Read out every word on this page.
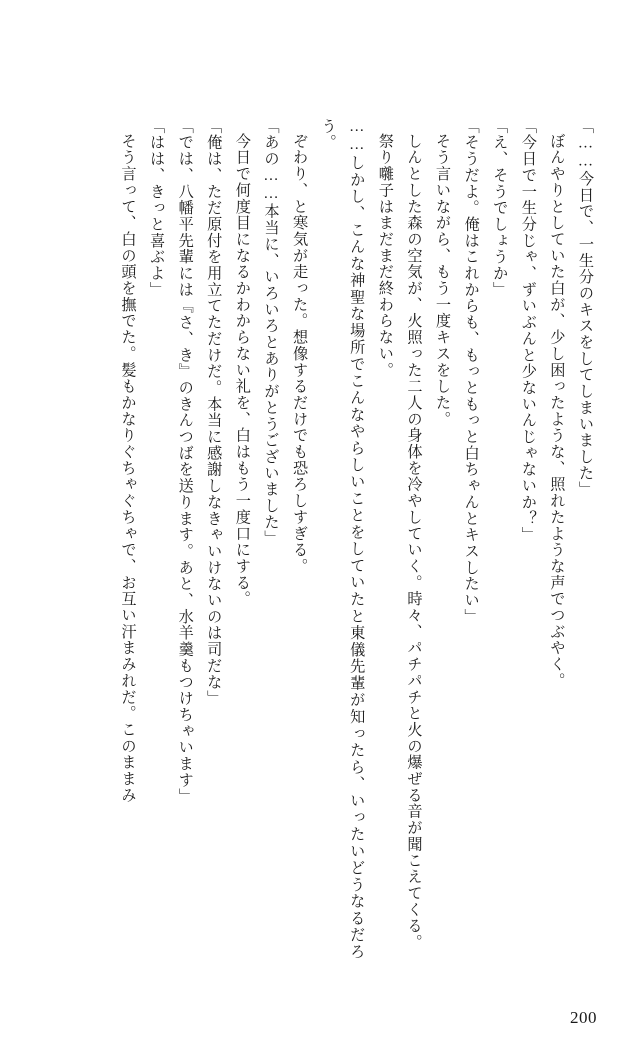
「……今日で、一生分のキスをしてしまいました」

ぼんやりとしていた白が、少し困ったような、照れたような声でつぶやく。

「今日で一生分じゃ、ずいぶんと少ないんじゃないか？」

「え、そうでしょうか」

「そうだよ。俺はこれからも、もっともっと白ちゃんとキスしたい」

そう言いながら、もう一度キスをした。

しんとした森の空気が、火照った二人の身体を冷やしていく。時々、パチパチと火の爆ぜる音が聞こえてくる。

祭り囃子はまだまだ終わらない。

……しかし、こんな神聖な場所でこんなやらしいことをしていたと東儀先輩が知ったら、いったいどうなるだろう。

ぞわり、と寒気が走った。想像するだけでも恐ろしすぎる。

「あの……本当に、いろいろとありがとうございました」

今日で何度目になるかわからない礼を、白はもう一度口にする。

「俺は、ただ原付を用立てただけだ。本当に感謝しなきゃいけないのは司だな」

「では、八幡平先輩には『さ、き』のきんつばを送ります。あと、水羊羹もつけちゃいます」

「はは、きっと喜ぶよ」

そう言って、白の頭を撫でた。髪もかなりぐちゃぐちゃで、お互い汗まみれだ。このままみ

200
